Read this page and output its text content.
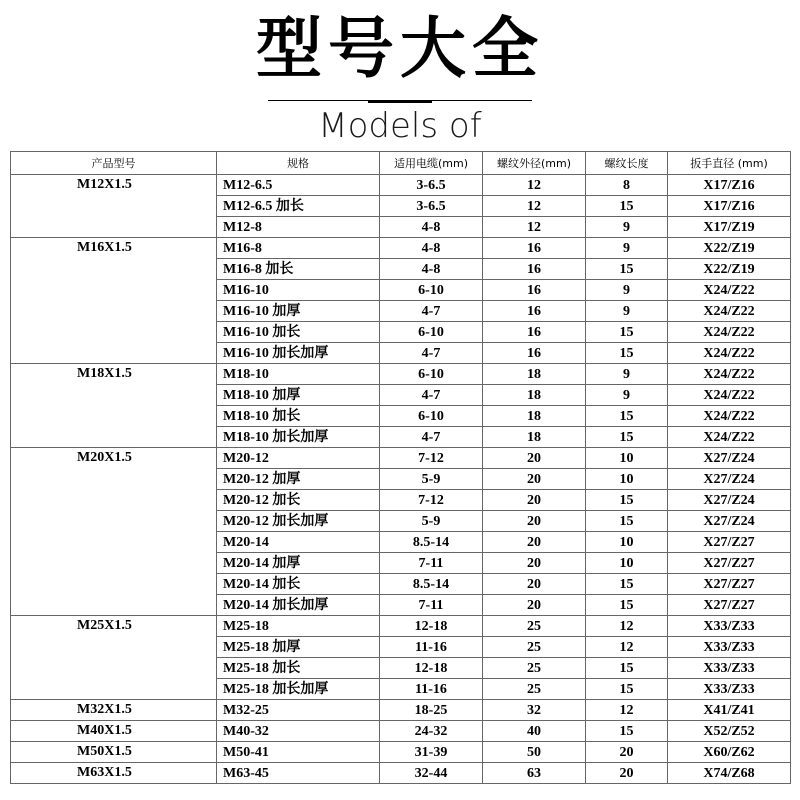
型号大全
Models of
产品型号	规格	适用电缆(mm)	螺纹外径(mm)	螺纹长度	扳手直径 (mm)
M12X1.5	M12-6.5	3-6.5	12	8	X17/Z16
	M12-6.5 加长	3-6.5	12	15	X17/Z16
	M12-8	4-8	12	9	X17/Z19
M16X1.5	M16-8	4-8	16	9	X22/Z19
	M16-8 加长	4-8	16	15	X22/Z19
	M16-10	6-10	16	9	X24/Z22
	M16-10 加厚	4-7	16	9	X24/Z22
	M16-10 加长	6-10	16	15	X24/Z22
	M16-10 加长加厚	4-7	16	15	X24/Z22
M18X1.5	M18-10	6-10	18	9	X24/Z22
	M18-10 加厚	4-7	18	9	X24/Z22
	M18-10 加长	6-10	18	15	X24/Z22
	M18-10 加长加厚	4-7	18	15	X24/Z22
M20X1.5	M20-12	7-12	20	10	X27/Z24
	M20-12 加厚	5-9	20	10	X27/Z24
	M20-12 加长	7-12	20	15	X27/Z24
	M20-12 加长加厚	5-9	20	15	X27/Z24
	M20-14	8.5-14	20	10	X27/Z27
	M20-14 加厚	7-11	20	10	X27/Z27
	M20-14 加长	8.5-14	20	15	X27/Z27
	M20-14 加长加厚	7-11	20	15	X27/Z27
M25X1.5	M25-18	12-18	25	12	X33/Z33
	M25-18 加厚	11-16	25	12	X33/Z33
	M25-18 加长	12-18	25	15	X33/Z33
	M25-18 加长加厚	11-16	25	15	X33/Z33
M32X1.5	M32-25	18-25	32	12	X41/Z41
M40X1.5	M40-32	24-32	40	15	X52/Z52
M50X1.5	M50-41	31-39	50	20	X60/Z62
M63X1.5	M63-45	32-44	63	20	X74/Z68
